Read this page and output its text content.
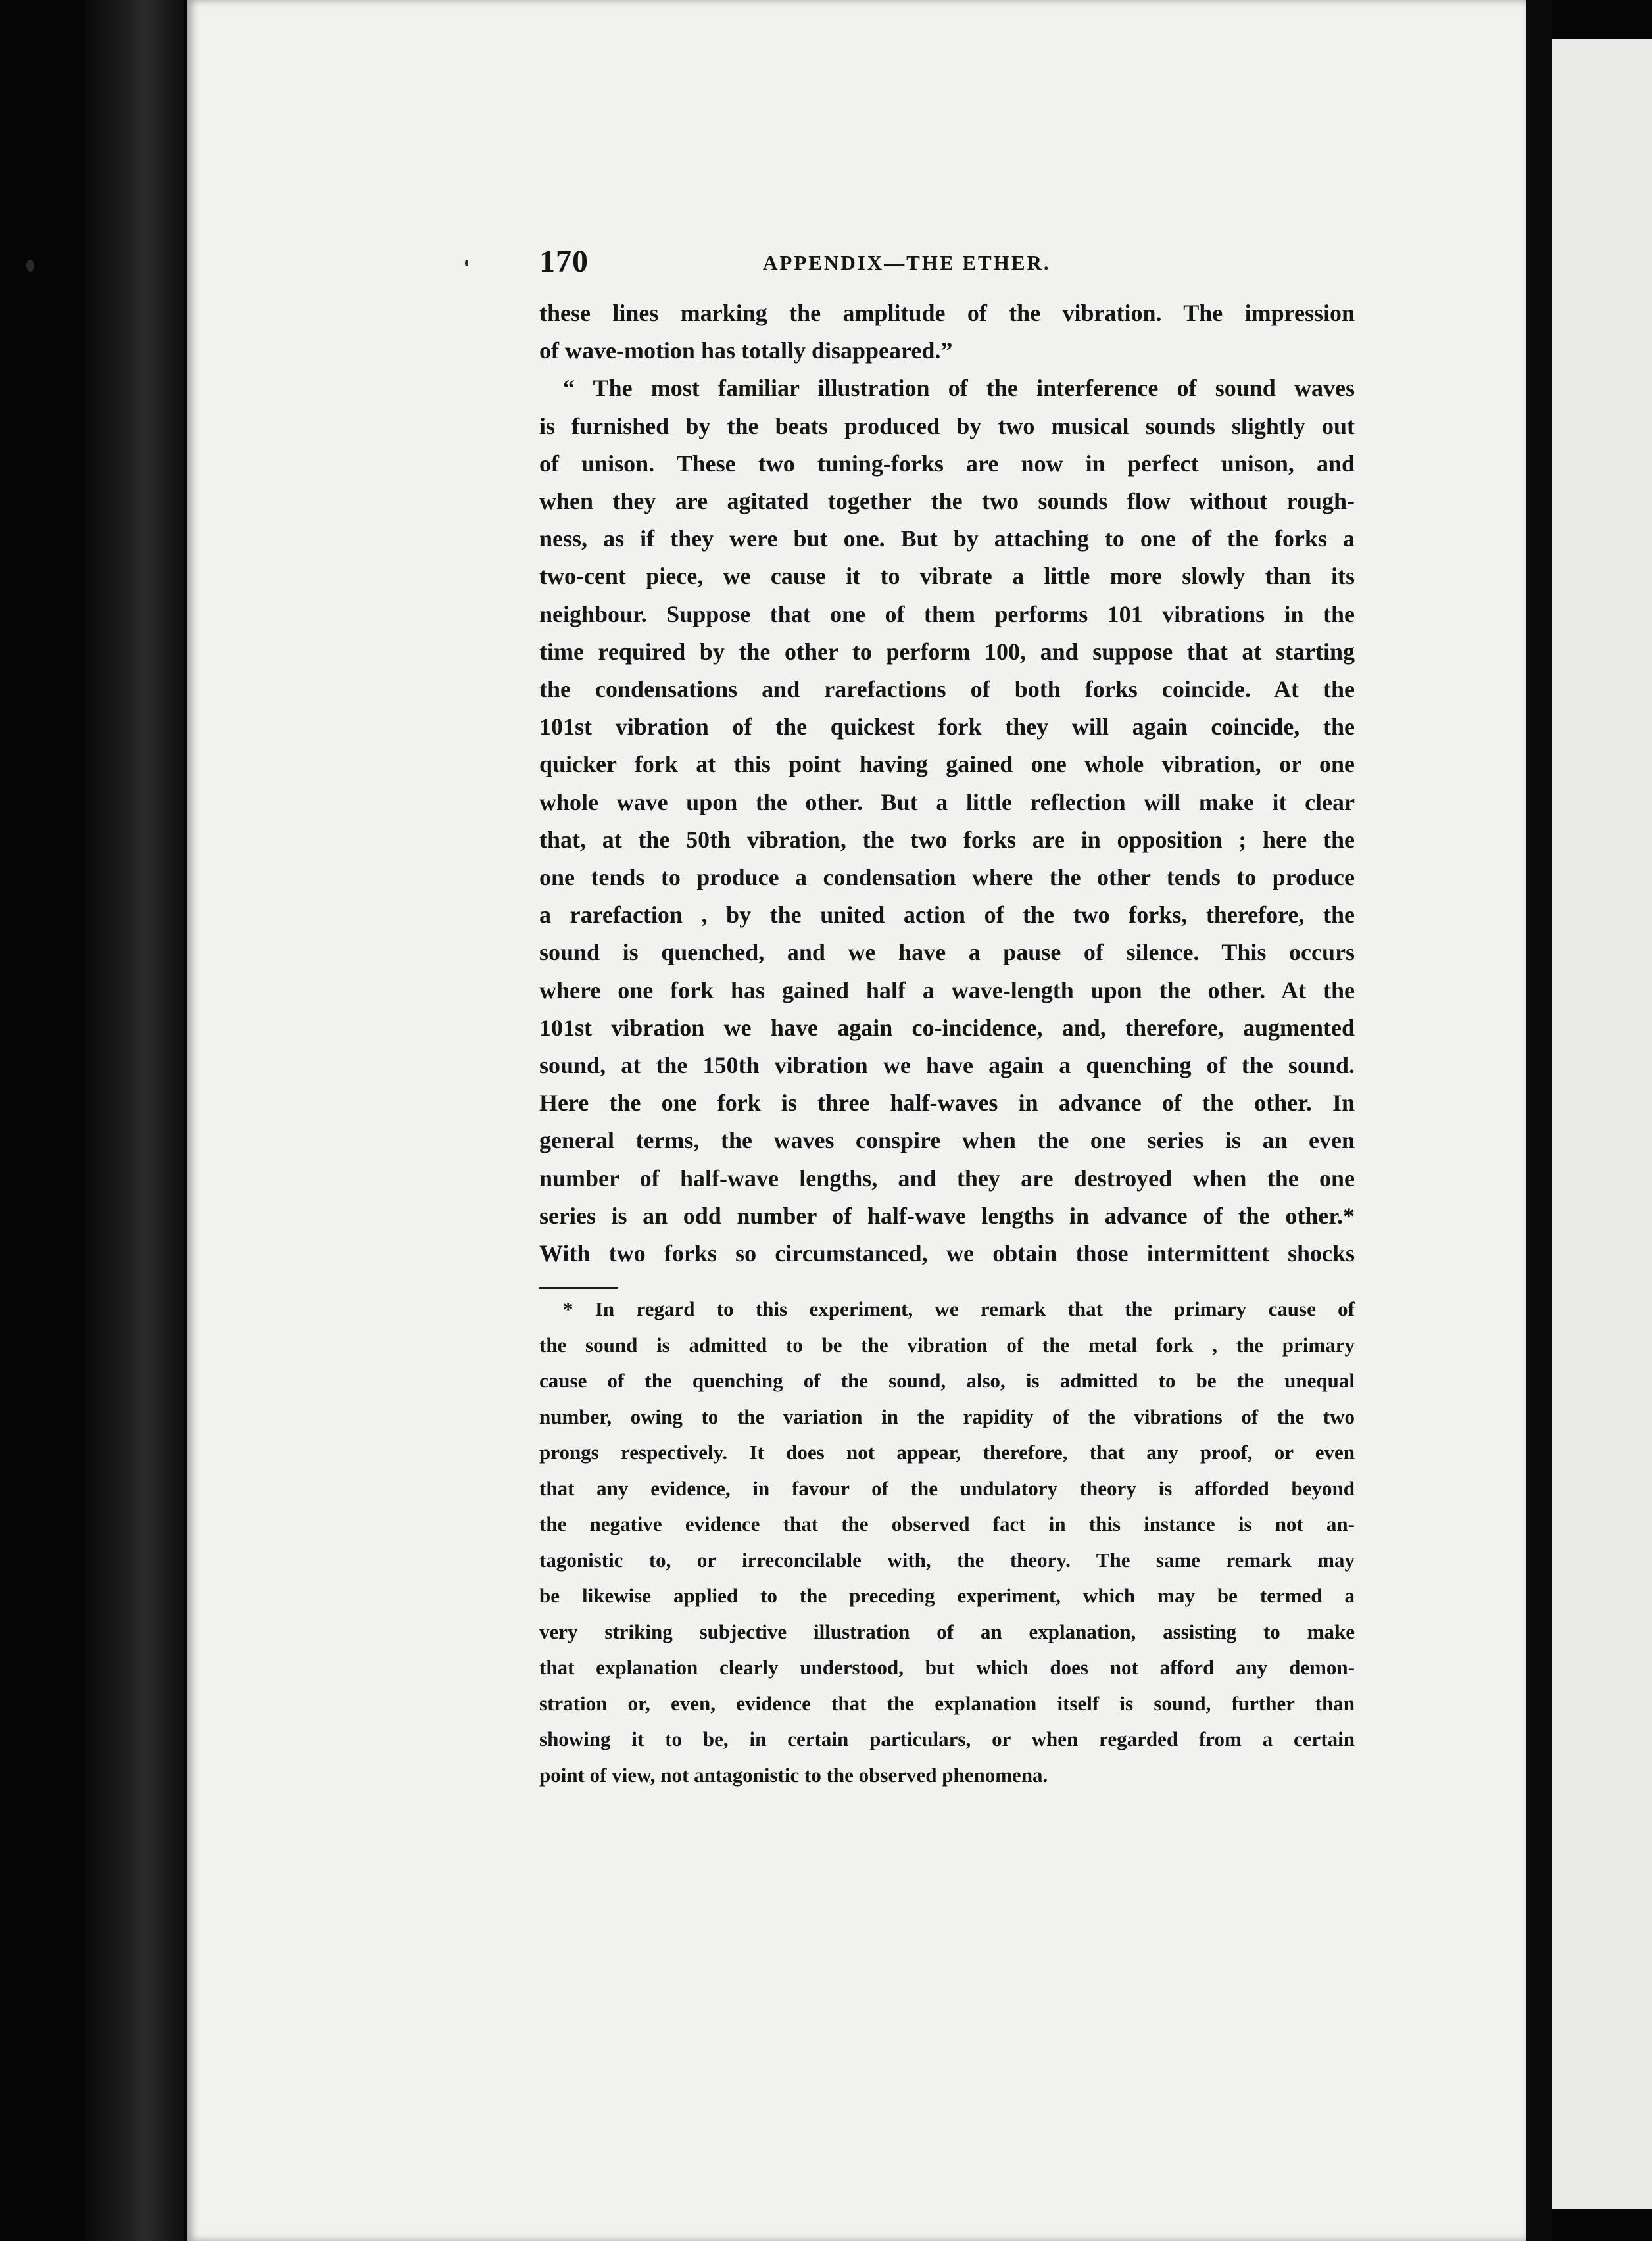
170	APPENDIX—THE ETHER.
these lines marking the amplitude of the vibration. The impression
of wave-motion has totally disappeared.”
“ The most familiar illustration of the interference of sound waves
is furnished by the beats produced by two musical sounds slightly out
of unison. These two tuning-forks are now in perfect unison, and
when they are agitated together the two sounds flow without rough-
ness, as if they were but one. But by attaching to one of the forks a
two-cent piece, we cause it to vibrate a little more slowly than its
neighbour. Suppose that one of them performs 101 vibrations in the
time required by the other to perform 100, and suppose that at starting
the condensations and rarefactions of both forks coincide. At the
101st vibration of the quickest fork they will again coincide, the
quicker fork at this point having gained one whole vibration, or one
whole wave upon the other. But a little reflection will make it clear
that, at the 50th vibration, the two forks are in opposition ; here the
one tends to produce a condensation where the other tends to produce
a rarefaction , by the united action of the two forks, therefore, the
sound is quenched, and we have a pause of silence. This occurs
where one fork has gained half a wave-length upon the other. At the
101st vibration we have again co-incidence, and, therefore, augmented
sound, at the 150th vibration we have again a quenching of the sound.
Here the one fork is three half-waves in advance of the other. In
general terms, the waves conspire when the one series is an even
number of half-wave lengths, and they are destroyed when the one
series is an odd number of half-wave lengths in advance of the other.*
With two forks so circumstanced, we obtain those intermittent shocks
* In regard to this experiment, we remark that the primary cause of
the sound is admitted to be the vibration of the metal fork , the primary
cause of the quenching of the sound, also, is admitted to be the unequal
number, owing to the variation in the rapidity of the vibrations of the two
prongs respectively. It does not appear, therefore, that any proof, or even
that any evidence, in favour of the undulatory theory is afforded beyond
the negative evidence that the observed fact in this instance is not an-
tagonistic to, or irreconcilable with, the theory. The same remark may
be likewise applied to the preceding experiment, which may be termed a
very striking subjective illustration of an explanation, assisting to make
that explanation clearly understood, but which does not afford any demon-
stration or, even, evidence that the explanation itself is sound, further than
showing it to be, in certain particulars, or when regarded from a certain
point of view, not antagonistic to the observed phenomena.
